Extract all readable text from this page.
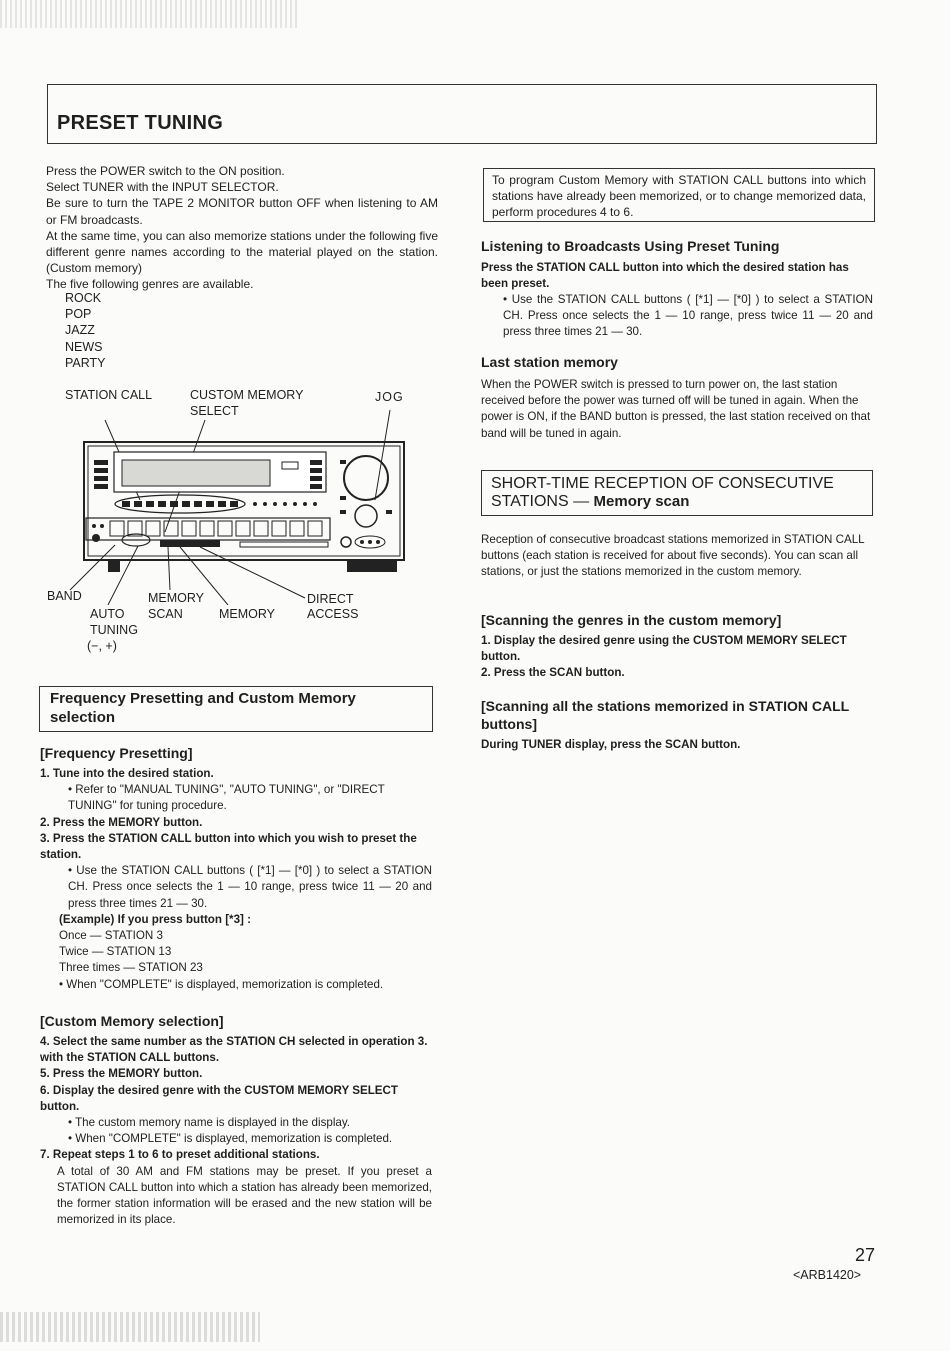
PRESET TUNING

Press the POWER switch to the ON position.

Select TUNER with the INPUT SELECTOR.

Be sure to turn the TAPE 2 MONITOR button OFF when listening to AM or FM broadcasts.

At the same time, you can also memorize stations under the following five different genre names according to the material played on the station. (Custom memory)

The five following genres are available.

ROCK
POP
JAZZ
NEWS
PARTY
STATION CALL	CUSTOM MEMORY
SELECT
JOG
BAND	MEMORY	DIRECT
AUTO SCAN	MEMORY	ACCESS
TUNING
(−, +)
Frequency Presetting and Custom Memory
selection
[Frequency Presetting]
1. Tune into the desired station.
• Refer to "MANUAL TUNING", "AUTO TUNING", or "DIRECT TUNING" for tuning procedure.
2. Press the MEMORY button.
3. Press the STATION CALL button into which you wish to preset the station.
• Use the STATION CALL buttons ( [*1] — [*0] ) to select a STATION CH. Press once selects the 1 — 10 range, press twice 11 — 20 and press three times 21 — 30.
(Example) If you press button [*3] :
Once — STATION 3
Twice — STATION 13
Three times — STATION 23
• When "COMPLETE" is displayed, memorization is completed.
[Custom Memory selection]
4. Select the same number as the STATION CH selected in operation 3. with the STATION CALL buttons.
5. Press the MEMORY button.
6. Display the desired genre with the CUSTOM MEMORY SELECT button.
• The custom memory name is displayed in the display.
• When "COMPLETE" is displayed, memorization is completed.
7. Repeat steps 1 to 6 to preset additional stations.
A total of 30 AM and FM stations may be preset. If you preset a STATION CALL button into which a station has already been memorized, the former station information will be erased and the new station will be memorized in its place.
To program Custom Memory with STATION CALL buttons into which stations have already been memorized, or to change memorized data, perform procedures 4 to 6.
Listening to Broadcasts Using Preset Tuning
Press the STATION CALL button into which the desired station has been preset.
• Use the STATION CALL buttons ( [*1] — [*0] ) to select a STATION CH. Press once selects the 1 — 10 range, press twice 11 — 20 and press three times 21 — 30.
Last station memory
When the POWER switch is pressed to turn power on, the last station received before the power was turned off will be tuned in again. When the power is ON, if the BAND button is pressed, the last station received on that band will be tuned in again.
SHORT-TIME RECEPTION OF CONSECUTIVE
STATIONS — Memory scan
Reception of consecutive broadcast stations memorized in STATION CALL buttons (each station is received for about five seconds). You can scan all stations, or just the stations memorized in the custom memory.
[Scanning the genres in the custom memory]
1. Display the desired genre using the CUSTOM MEMORY SELECT button.
2. Press the SCAN button.
[Scanning all the stations memorized in STATION CALL buttons]
During TUNER display, press the SCAN button.
27
<ARB1420>
